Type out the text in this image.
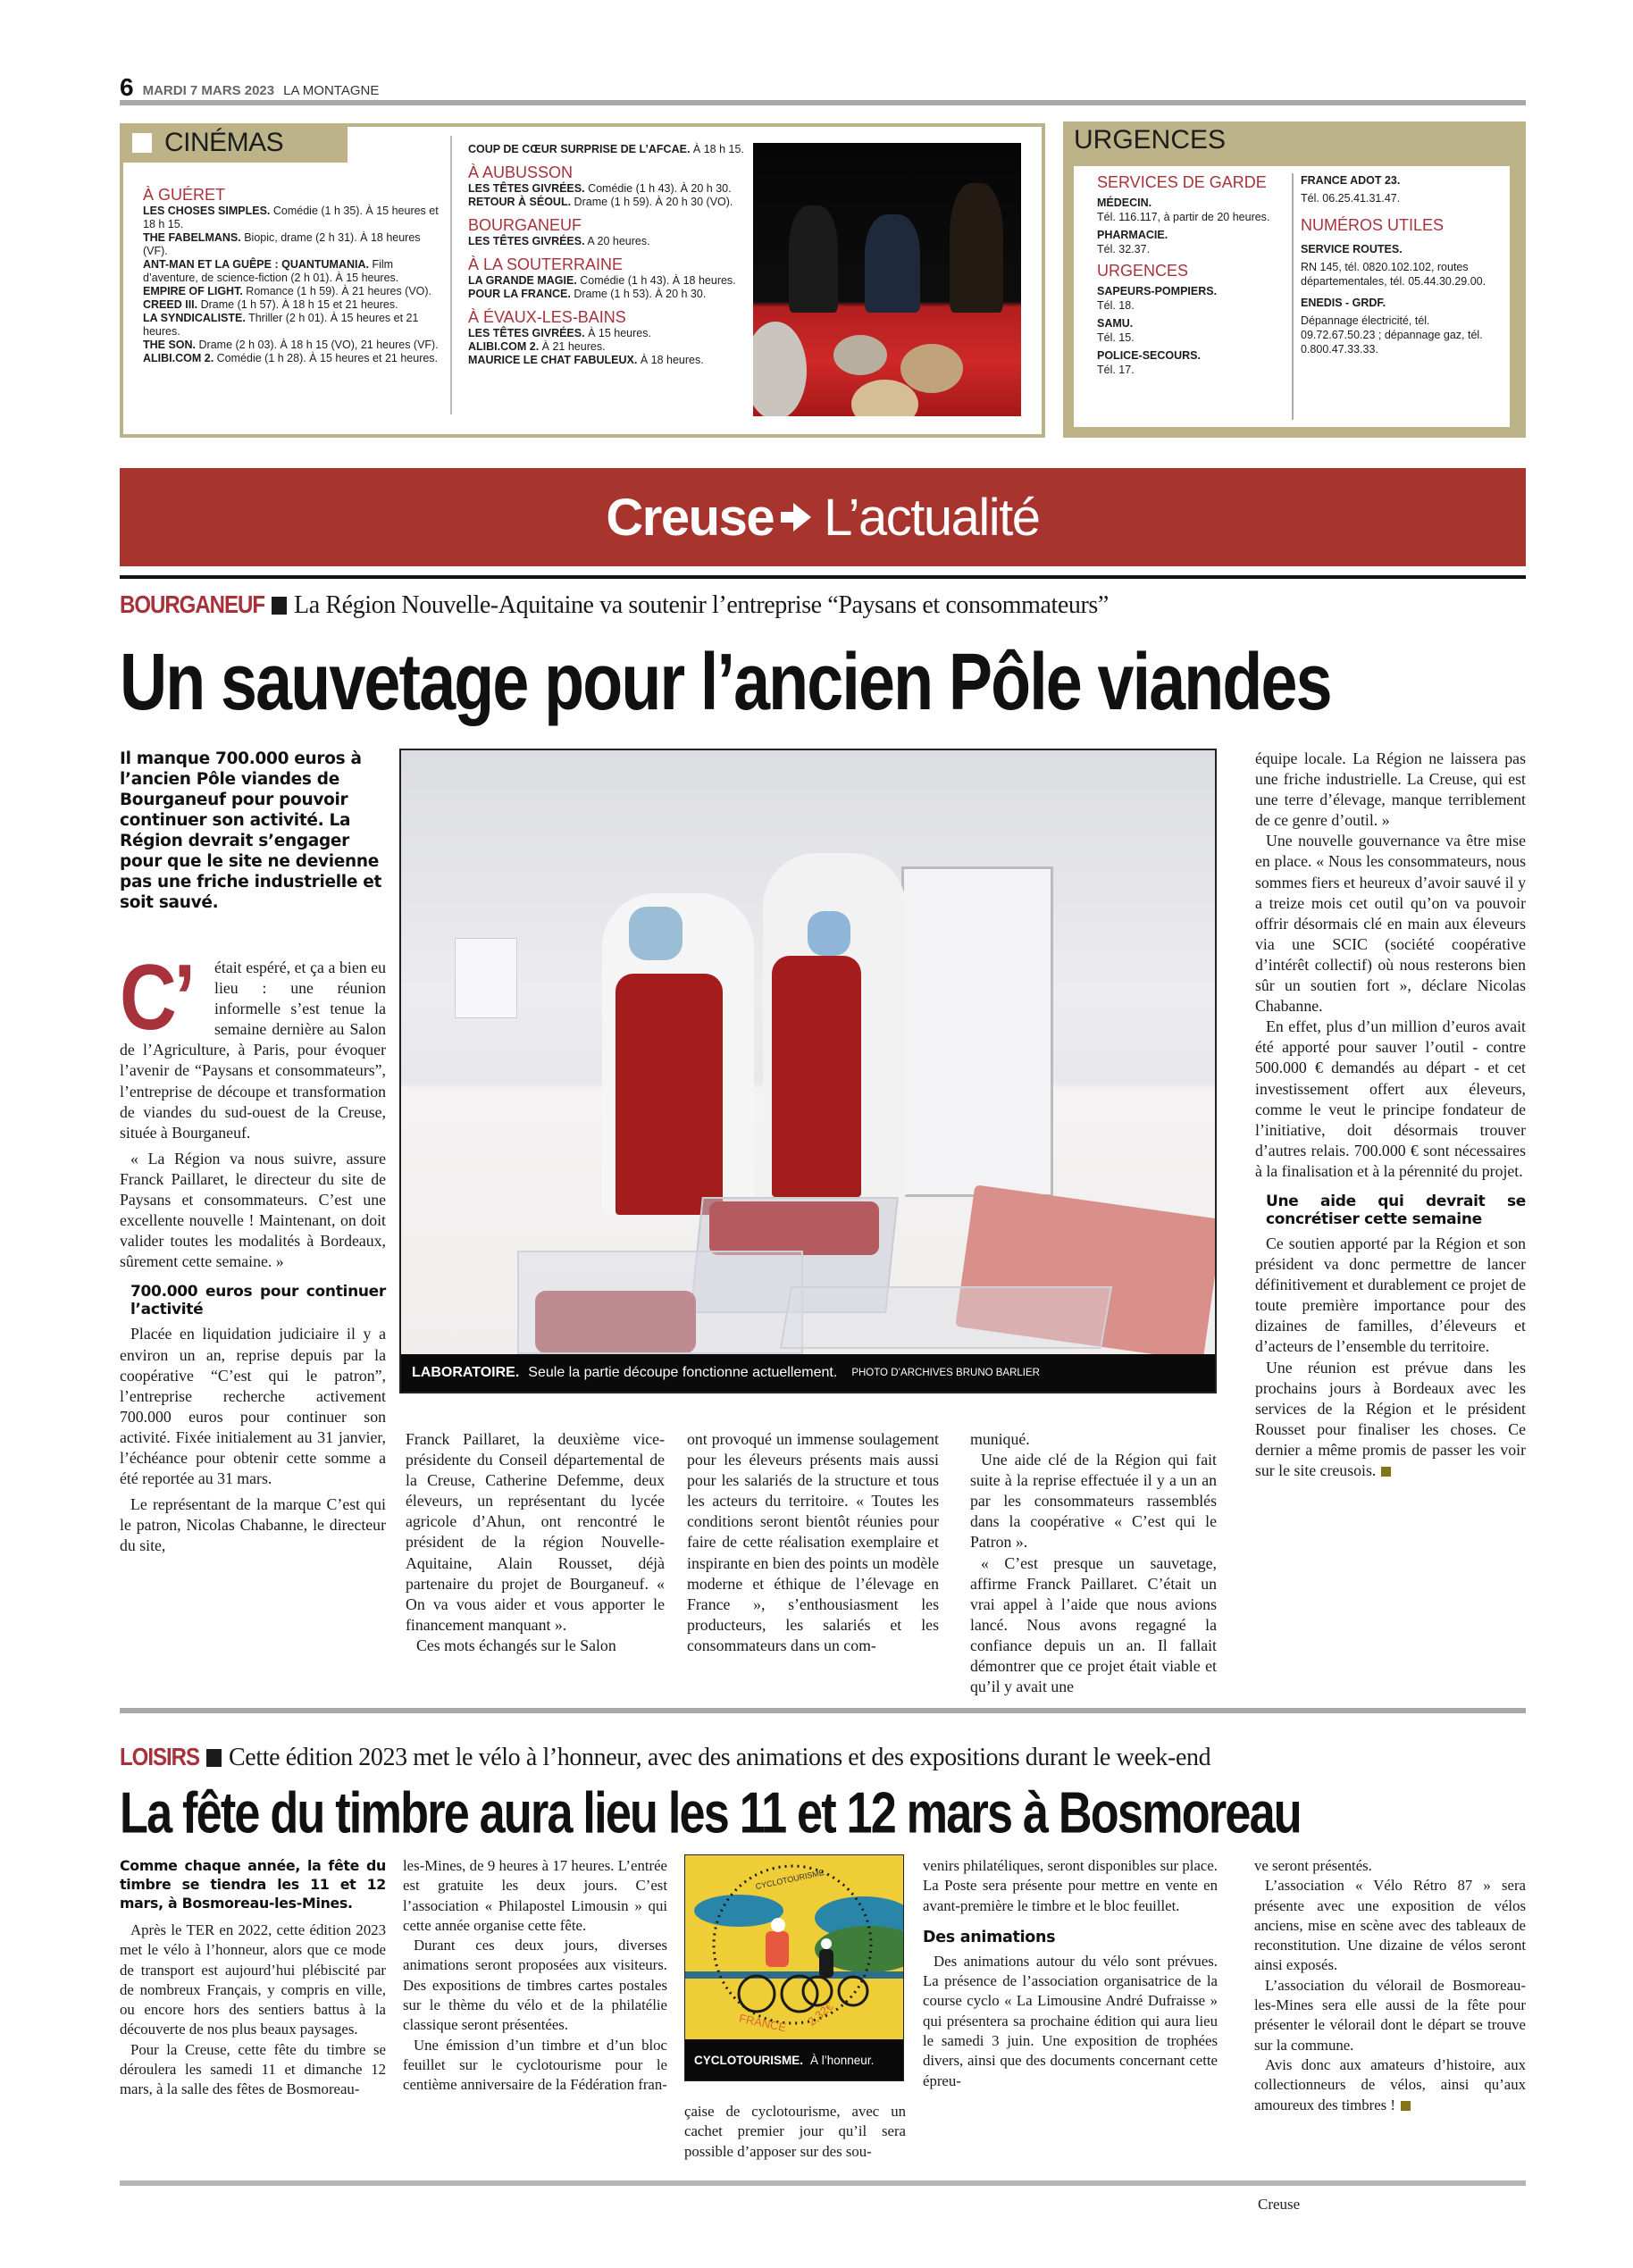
6 MARDI 7 MARS 2023 LA MONTAGNE
CINÉMAS
À GUÉRET
LES CHOSES SIMPLES. Comédie (1 h 35). À 15 heures et 18 h 15.
THE FABELMANS. Biopic, drame (2 h 31). À 18 heures (VF).
ANT-MAN ET LA GUÊPE : QUANTUMANIA. Film d’aventure, de science-fiction (2 h 01). À 15 heures.
EMPIRE OF LIGHT. Romance (1 h 59). À 21 heures (VO).
CREED III. Drame (1 h 57). À 18 h 15 et 21 heures.
LA SYNDICALISTE. Thriller (2 h 01). À 15 heures et 21 heures.
THE SON. Drame (2 h 03). À 18 h 15 (VO), 21 heures (VF).
ALIBI.COM 2. Comédie (1 h 28). À 15 heures et 21 heures.
COUP DE CŒUR SURPRISE DE L’AFCAE. À 18 h 15.
À AUBUSSON
LES TÊTES GIVRÉES. Comédie (1 h 43). À 20 h 30.
RETOUR À SÉOUL. Drame (1 h 59). À 20 h 30 (VO).
BOURGANEUF
LES TÊTES GIVRÉES. A 20 heures.
À LA SOUTERRAINE
LA GRANDE MAGIE. Comédie (1 h 43). À 18 heures.
POUR LA FRANCE. Drame (1 h 53). À 20 h 30.
À ÉVAUX-LES-BAINS
LES TÊTES GIVRÉES. À 15 heures.
ALIBI.COM 2. À 21 heures.
MAURICE LE CHAT FABULEUX. À 18 heures.
URGENCES
SERVICES DE GARDE
MÉDECIN.
Tél. 116.117, à partir de 20 heures.
PHARMACIE.
Tél. 32.37.
URGENCES
SAPEURS-POMPIERS.
Tél. 18.
SAMU.
Tél. 15.
POLICE-SECOURS.
Tél. 17.
FRANCE ADOT 23.
Tél. 06.25.41.31.47.
NUMÉROS UTILES
SERVICE ROUTES.
RN 145, tél. 0820.102.102, routes départementales, tél. 05.44.30.29.00.
ENEDIS - GRDF.
Dépannage électricité, tél. 09.72.67.50.23 ; dépannage gaz, tél. 0.800.47.33.33.
Creuse L’actualité
BOURGANEUF La Région Nouvelle-Aquitaine va soutenir l’entreprise “Paysans et consommateurs”
Un sauvetage pour l’ancien Pôle viandes
Il manque 700.000 euros à l’ancien Pôle viandes de Bourganeuf pour pouvoir continuer son activité. La Région devrait s’engager pour que le site ne devienne pas une friche industrielle et soit sauvé.

C’ était espéré, et ça a bien eu lieu : une réunion informelle s’est tenue la semaine dernière au Salon de l’Agriculture, à Paris, pour évoquer l’avenir de “Paysans et consommateurs”, l’entreprise de découpe et transformation de viandes du sud-ouest de la Creuse, située à Bourganeuf.

« La Région va nous suivre, assure Franck Paillaret, le directeur du site de Paysans et consommateurs. C’est une excellente nouvelle ! Maintenant, on doit valider toutes les modalités à Bordeaux, sûrement cette semaine. »

700.000 euros pour continuer l’activité

Placée en liquidation judiciaire il y a environ un an, reprise depuis par la coopérative “C’est qui le patron”, l’entreprise recherche activement 700.000 euros pour continuer son activité. Fixée initialement au 31 janvier, l’échéance pour obtenir cette somme a été reportée au 31 mars.

Le représentant de la marque C’est qui le patron, Nicolas Chabanne, le directeur du site,

LABORATOIRE. Seule la partie découpe fonctionne actuellement. PHOTO D’ARCHIVES BRUNO BARLIER

Franck Paillaret, la deuxième vice-présidente du Conseil départemental de la Creuse, Catherine Defemme, deux éleveurs, un représentant du lycée agricole d’Ahun, ont rencontré le président de la région Nouvelle-Aquitaine, Alain Rousset, déjà partenaire du projet de Bourganeuf. « On va vous aider et vous apporter le financement manquant ».

Ces mots échangés sur le Salon

ont provoqué un immense soulagement pour les éleveurs présents mais aussi pour les salariés de la structure et tous les acteurs du territoire. « Toutes les conditions seront bientôt réunies pour faire de cette réalisation exemplaire et inspirante en bien des points un modèle moderne et éthique de l’élevage en France », s’enthousiasment les producteurs, les salariés et les consommateurs dans un com-

muniqué.

Une aide clé de la Région qui fait suite à la reprise effectuée il y a un an par les consommateurs rassemblés dans la coopérative « C’est qui le Patron ».

« C’est presque un sauvetage, affirme Franck Paillaret. C’était un vrai appel à l’aide que nous avions lancé. Nous avons regagné la confiance depuis un an. Il fallait démontrer que ce projet était viable et qu’il y avait une

équipe locale. La Région ne laissera pas une friche industrielle. La Creuse, qui est une terre d’élevage, manque terriblement de ce genre d’outil. »

Une nouvelle gouvernance va être mise en place. « Nous les consommateurs, nous sommes fiers et heureux d’avoir sauvé il y a treize mois cet outil qu’on va pouvoir offrir désormais clé en main aux éleveurs via une SCIC (société coopérative d’intérêt collectif) où nous resterons bien sûr un soutien fort », déclare Nicolas Chabanne.

En effet, plus d’un million d’euros avait été apporté pour sauver l’outil - contre 500.000 € demandés au départ - et cet investissement offert aux éleveurs, comme le veut le principe fondateur de l’initiative, doit désormais trouver d’autres relais. 700.000 € sont nécessaires à la finalisation et à la pérennité du projet.

Une aide qui devrait se concrétiser cette semaine

Ce soutien apporté par la Région et son président va donc permettre de lancer définitivement et durablement ce projet de toute première importance pour des dizaines de familles, d’éleveurs et d’acteurs de l’ensemble du territoire.

Une réunion est prévue dans les prochains jours à Bordeaux avec les services de la Région et le président Rousset pour finaliser les choses. Ce dernier a même promis de passer les voir sur le site creusois.

LOISIRS Cette édition 2023 met le vélo à l’honneur, avec des animations et des expositions durant le week-end
La fête du timbre aura lieu les 11 et 12 mars à Bosmoreau
Comme chaque année, la fête du timbre se tiendra les 11 et 12 mars, à Bosmoreau-les-Mines.

Après le TER en 2022, cette édition 2023 met le vélo à l’honneur, alors que ce mode de transport est aujourd’hui plébiscité par de nombreux Français, y compris en ville, ou encore hors des sentiers battus à la découverte de nos plus beaux paysages.

Pour la Creuse, cette fête du timbre se déroulera les samedi 11 et dimanche 12 mars, à la salle des fêtes de Bosmoreau-

les-Mines, de 9 heures à 17 heures. L’entrée est gratuite les deux jours. C’est l’association « Philapostel Limousin » qui cette année organise cette fête.

Durant ces deux jours, diverses animations seront proposées aux visiteurs. Des expositions de timbres cartes postales sur le thème du vélo et de la philatélie classique seront présentées.

Une émission d’un timbre et d’un bloc feuillet sur le cyclotourisme pour le centième anniversaire de la Fédération fran-

CYCLOTOURISME
FRANCE 2,32€
CYCLOTOURISME. À l’honneur.

çaise de cyclotourisme, avec un cachet premier jour qu’il sera possible d’apposer sur des sou-

venirs philatéliques, seront disponibles sur place. La Poste sera présente pour mettre en vente en avant-première le timbre et le bloc feuillet.

Des animations

Des animations autour du vélo sont prévues. La présence de l’association organisatrice de la course cyclo « La Limousine André Dufraisse » qui présentera sa prochaine édition qui aura lieu le samedi 3 juin. Une exposition de trophées divers, ainsi que des documents concernant cette épreu-

ve seront présentés.

L’association « Vélo Rétro 87 » sera présente avec une exposition de vélos anciens, mise en scène avec des tableaux de reconstitution. Une dizaine de vélos seront ainsi exposés.

L’association du vélorail de Bosmoreau-les-Mines sera elle aussi de la fête pour présenter le vélorail dont le départ se trouve sur la commune.

Avis donc aux amateurs d’histoire, aux collectionneurs de vélos, ainsi qu’aux amoureux des timbres !

Creuse
